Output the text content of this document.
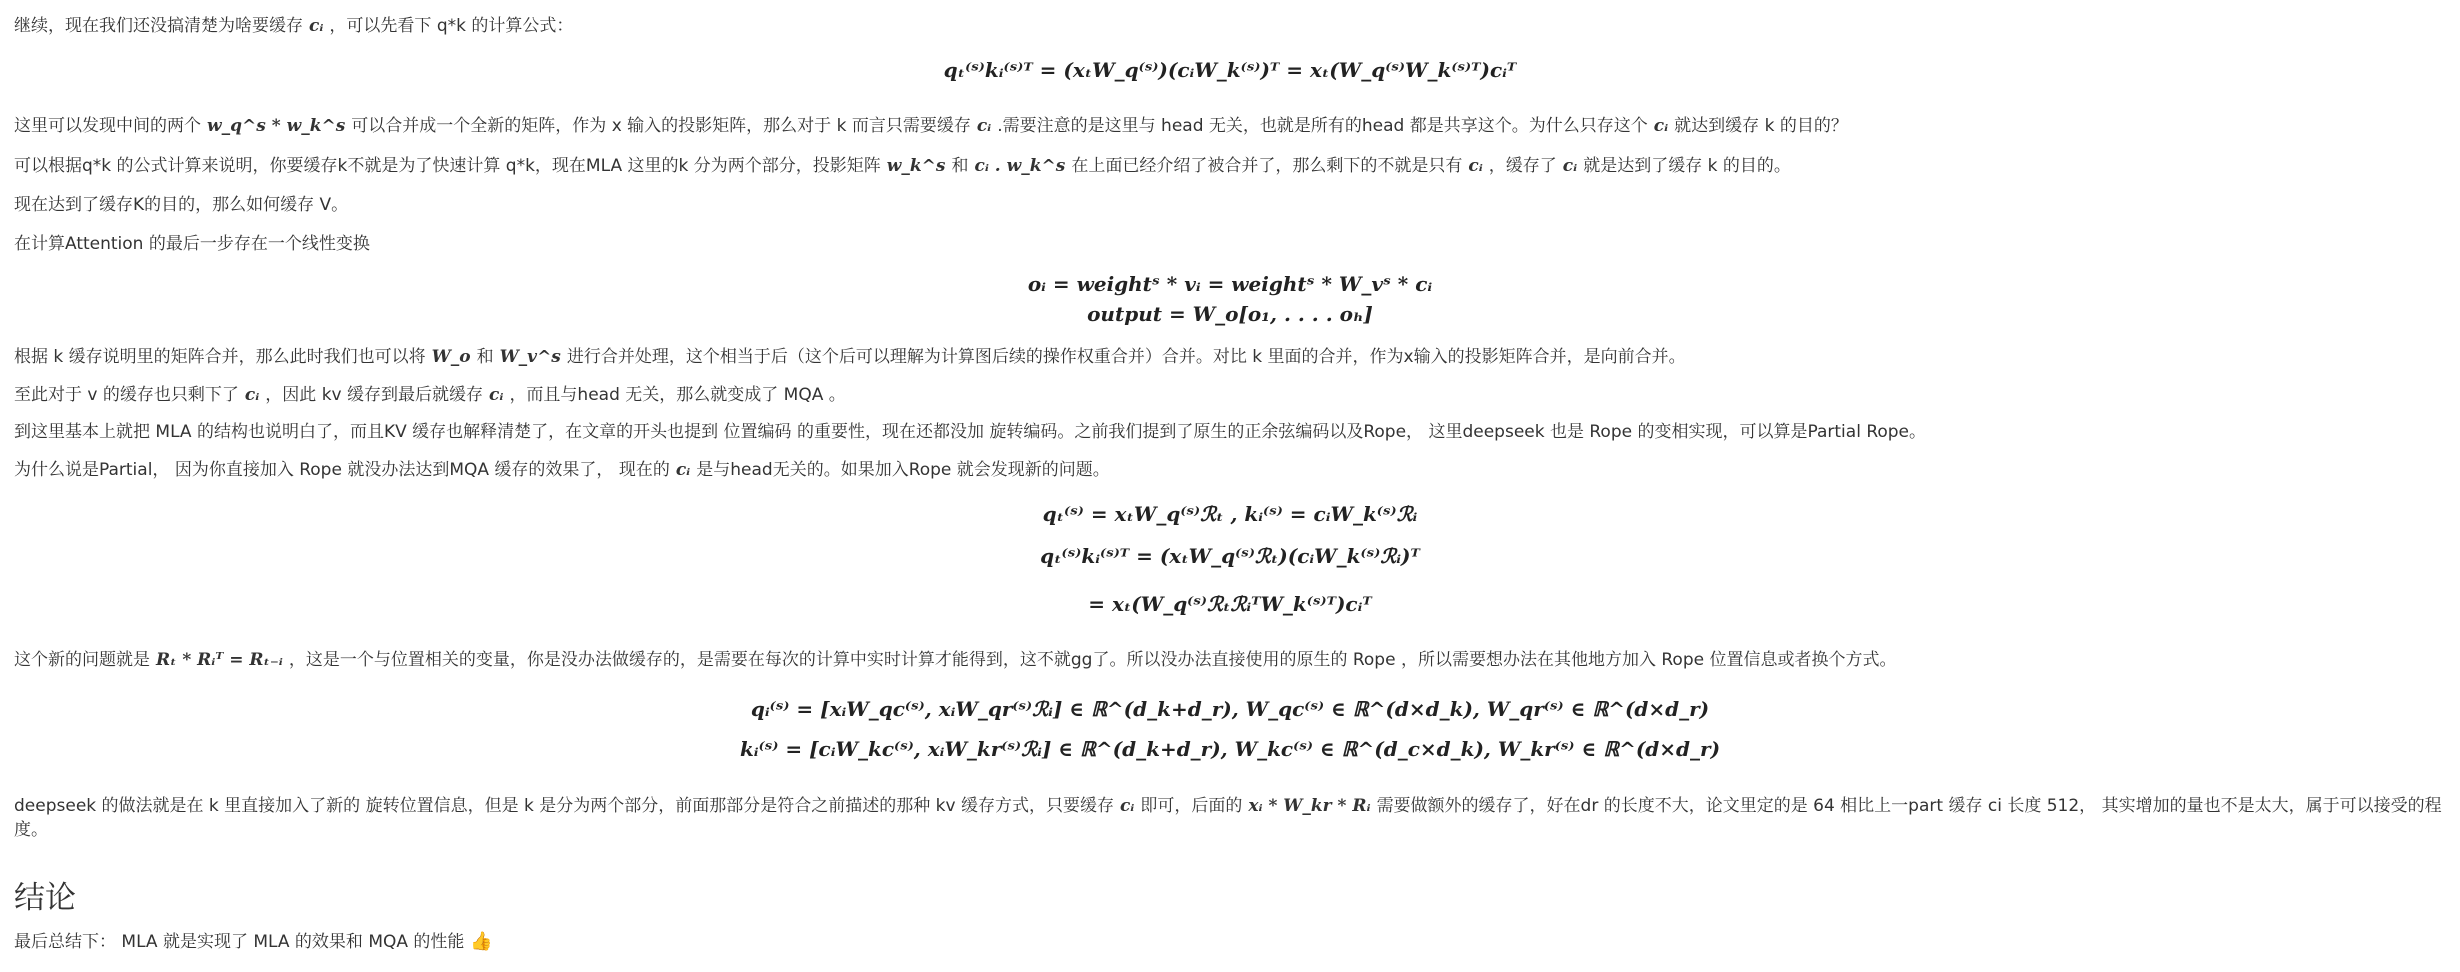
继续，现在我们还没搞清楚为啥要缓存 cᵢ ，可以先看下 q*k 的计算公式：
qₜ⁽ˢ⁾kᵢ⁽ˢ⁾ᵀ = (xₜW_q⁽ˢ⁾)(cᵢW_k⁽ˢ⁾)ᵀ = xₜ(W_q⁽ˢ⁾W_k⁽ˢ⁾ᵀ)cᵢᵀ
这里可以发现中间的两个 w_q^s * w_k^s 可以合并成一个全新的矩阵，作为 x 输入的投影矩阵，那么对于 k 而言只需要缓存 cᵢ .需要注意的是这里与 head 无关，也就是所有的head 都是共享这个。为什么只存这个 cᵢ 就达到缓存 k 的目的？
可以根据q*k 的公式计算来说明，你要缓存k不就是为了快速计算 q*k，现在MLA 这里的k 分为两个部分，投影矩阵 w_k^s 和 cᵢ . w_k^s 在上面已经介绍了被合并了，那么剩下的不就是只有 cᵢ ，缓存了 cᵢ 就是达到了缓存 k 的目的。
现在达到了缓存K的目的，那么如何缓存 V。
在计算Attention 的最后一步存在一个线性变换
oᵢ = weightˢ * vᵢ = weightˢ * W_vˢ * cᵢ
output = W_o[o₁, . . . . oₕ]
根据 k 缓存说明里的矩阵合并，那么此时我们也可以将 W_o 和 W_v^s 进行合并处理，这个相当于后（这个后可以理解为计算图后续的操作权重合并）合并。对比 k 里面的合并，作为x输入的投影矩阵合并，是向前合并。
至此对于 v 的缓存也只剩下了 cᵢ ，因此 kv 缓存到最后就缓存 cᵢ ，而且与head 无关，那么就变成了 MQA 。
到这里基本上就把 MLA 的结构也说明白了，而且KV 缓存也解释清楚了，在文章的开头也提到 位置编码 的重要性，现在还都没加 旋转编码。之前我们提到了原生的正余弦编码以及Rope， 这里deepseek 也是 Rope 的变相实现，可以算是Partial Rope。
为什么说是Partial， 因为你直接加入 Rope 就没办法达到MQA 缓存的效果了， 现在的 cᵢ 是与head无关的。如果加入Rope 就会发现新的问题。
qₜ⁽ˢ⁾ = xₜW_q⁽ˢ⁾ℛₜ , kᵢ⁽ˢ⁾ = cᵢW_k⁽ˢ⁾ℛᵢ
qₜ⁽ˢ⁾kᵢ⁽ˢ⁾ᵀ = (xₜW_q⁽ˢ⁾ℛₜ)(cᵢW_k⁽ˢ⁾ℛᵢ)ᵀ
= xₜ(W_q⁽ˢ⁾ℛₜℛᵢᵀW_k⁽ˢ⁾ᵀ)cᵢᵀ
这个新的问题就是 Rₜ * Rᵢᵀ = Rₜ₋ᵢ ，这是一个与位置相关的变量，你是没办法做缓存的，是需要在每次的计算中实时计算才能得到，这不就gg了。所以没办法直接使用的原生的 Rope ，所以需要想办法在其他地方加入 Rope 位置信息或者换个方式。
qᵢ⁽ˢ⁾ = [xᵢW_qc⁽ˢ⁾, xᵢW_qr⁽ˢ⁾ℛᵢ] ∈ ℝ^(d_k+d_r), W_qc⁽ˢ⁾ ∈ ℝ^(d×d_k), W_qr⁽ˢ⁾ ∈ ℝ^(d×d_r)
kᵢ⁽ˢ⁾ = [cᵢW_kc⁽ˢ⁾, xᵢW_kr⁽ˢ⁾ℛᵢ] ∈ ℝ^(d_k+d_r), W_kc⁽ˢ⁾ ∈ ℝ^(d_c×d_k), W_kr⁽ˢ⁾ ∈ ℝ^(d×d_r)
deepseek 的做法就是在 k 里直接加入了新的 旋转位置信息，但是 k 是分为两个部分，前面那部分是符合之前描述的那种 kv 缓存方式，只要缓存 cᵢ 即可，后面的 xᵢ * W_kr * Rᵢ 需要做额外的缓存了，好在dr 的长度不大，论文里定的是 64 相比上一part 缓存 ci 长度 512， 其实增加的量也不是太大，属于可以接受的程度。
结论
最后总结下： MLA 就是实现了 MLA 的效果和 MQA 的性能 👍
